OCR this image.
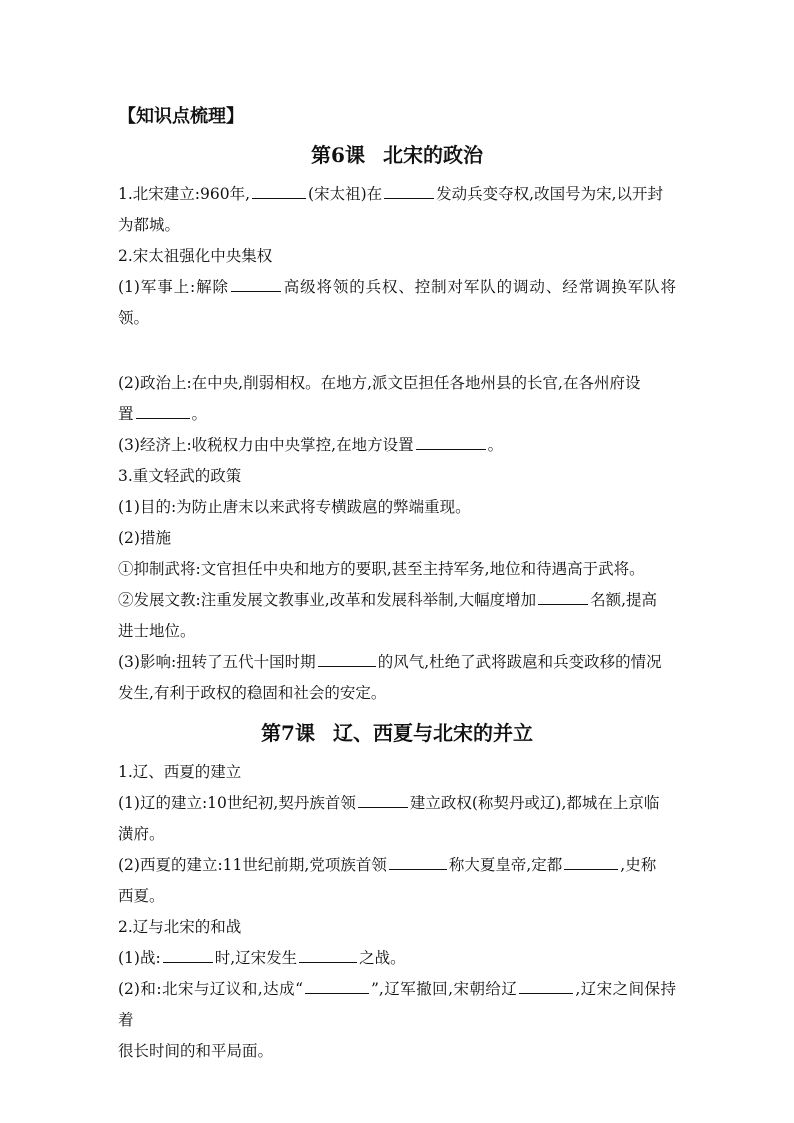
【知识点梳理】

第6课 北宋的政治

1.北宋建立:960年,	(宋太祖)在	发动兵变夺权,改国号为宋,以开封

为都城。

2.宋太祖强化中央集权

(1)军事上:解除	高级将领的兵权、控制对军队的调动、经常调换军队将领。

(2)政治上:在中央,削弱相权。在地方,派文臣担任各地州县的长官,在各州府设

置	。

(3)经济上:收税权力由中央掌控,在地方设置	。

3.重文轻武的政策

(1)目的:为防止唐末以来武将专横跋扈的弊端重现。

(2)措施

①抑制武将:文官担任中央和地方的要职,甚至主持军务,地位和待遇高于武将。

②发展文教:注重发展文教事业,改革和发展科举制,大幅度增加	名额,提高

进士地位。

(3)影响:扭转了五代十国时期	的风气,杜绝了武将跋扈和兵变政移的情况

发生,有利于政权的稳固和社会的安定。

第7课 辽、西夏与北宋的并立

1.辽、西夏的建立

(1)辽的建立:10世纪初,契丹族首领	建立政权(称契丹或辽),都城在上京临

潢府。

(2)西夏的建立:11世纪前期,党项族首领	称大夏皇帝,定都	,史称

西夏。

2.辽与北宋的和战

(1)战:	时,辽宋发生	之战。

(2)和:北宋与辽议和,达成“	”,辽军撤回,宋朝给辽	,辽宋之间保持着

很长时间的和平局面。
